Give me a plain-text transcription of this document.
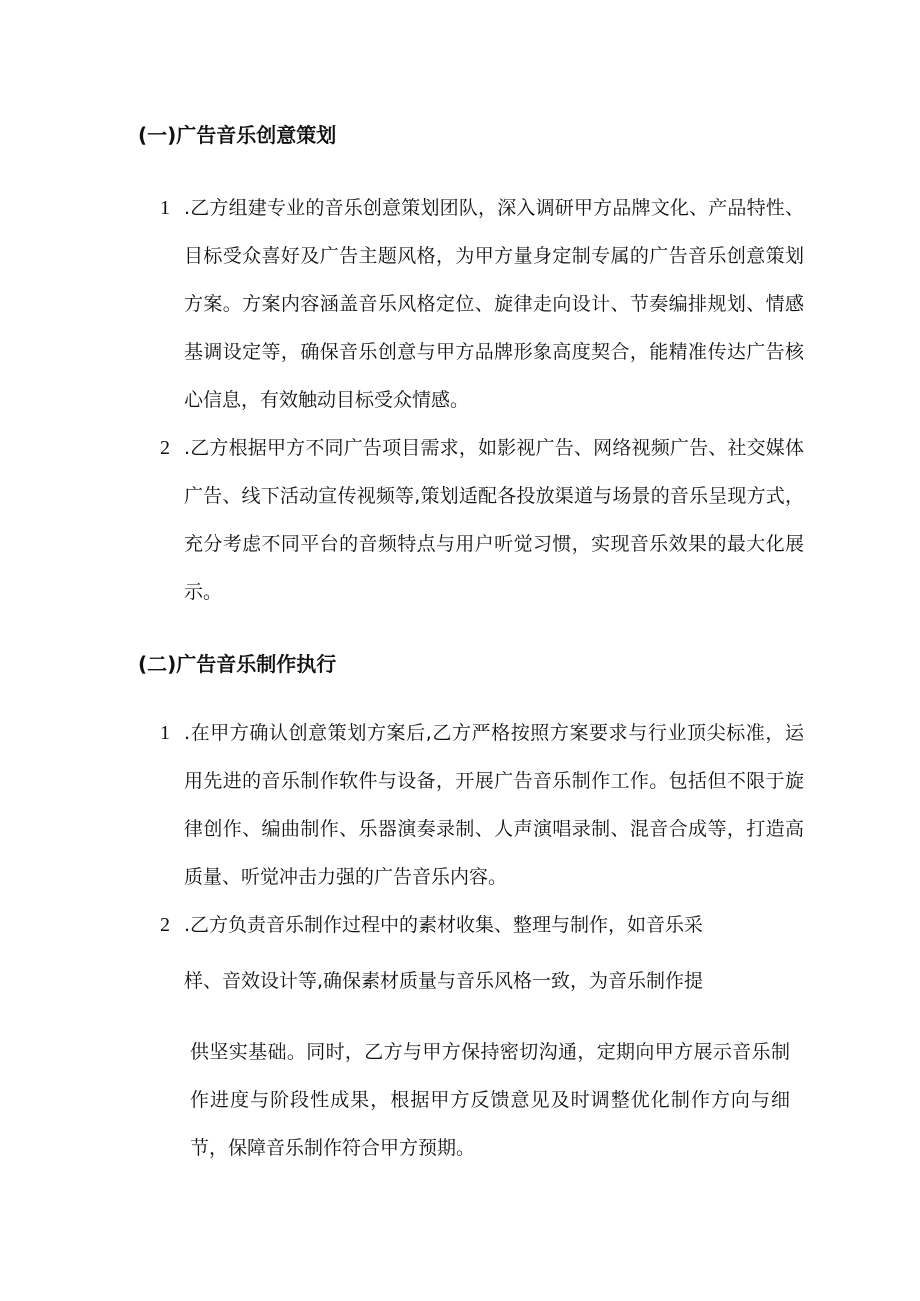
(一)广告音乐创意策划
1 .乙方组建专业的音乐创意策划团队，深入调研甲方品牌文化、产品特性、目标受众喜好及广告主题风格，为甲方量身定制专属的广告音乐创意策划方案。方案内容涵盖音乐风格定位、旋律走向设计、节奏编排规划、情感基调设定等，确保音乐创意与甲方品牌形象高度契合，能精准传达广告核心信息，有效触动目标受众情感。
2 .乙方根据甲方不同广告项目需求，如影视广告、网络视频广告、社交媒体广告、线下活动宣传视频等,策划适配各投放渠道与场景的音乐呈现方式，充分考虑不同平台的音频特点与用户听觉习惯，实现音乐效果的最大化展示。
(二)广告音乐制作执行
1 .在甲方确认创意策划方案后,乙方严格按照方案要求与行业顶尖标准，运用先进的音乐制作软件与设备，开展广告音乐制作工作。包括但不限于旋律创作、编曲制作、乐器演奏录制、人声演唱录制、混音合成等，打造高质量、听觉冲击力强的广告音乐内容。
2 .乙方负责音乐制作过程中的素材收集、整理与制作，如音乐采
样、音效设计等,确保素材质量与音乐风格一致，为音乐制作提
供坚实基础。同时，乙方与甲方保持密切沟通，定期向甲方展示音乐制作进度与阶段性成果，根据甲方反馈意见及时调整优化制作方向与细节，保障音乐制作符合甲方预期。
